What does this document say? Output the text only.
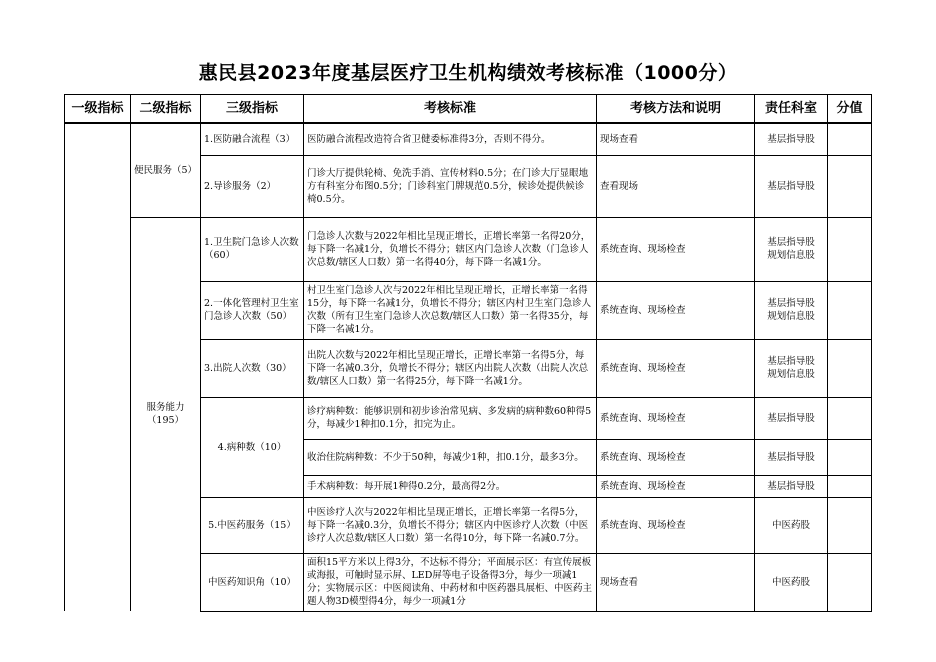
惠民县2023年度基层医疗卫生机构绩效考核标准（1000分）
一级指标	二级指标	三级指标	考核标准	考核方法和说明	责任科室	分值
	便民服务（5）	1.医防融合流程（3）	医防融合流程改造符合省卫健委标准得3分，否则不得分。	现场查看	基层指导股	
		2.导诊服务（2）	门诊大厅提供轮椅、免洗手消、宣传材料0.5分；在门诊大厅显眼地方有科室分布图0.5分；门诊科室门牌规范0.5分，候诊处提供候诊椅0.5分。	查看现场	基层指导股	
	服务能力（195）	1.卫生院门急诊人次数（60）	门急诊人次数与2022年相比呈现正增长，正增长率第一名得20分，每下降一名减1分，负增长不得分；辖区内门急诊人次数（门急诊人次总数/辖区人口数）第一名得40分，每下降一名减1分。	系统查询、现场检查	基层指导股
规划信息股	
		2.一体化管理村卫生室门急诊人次数（50）	村卫生室门急诊人次与2022年相比呈现正增长，正增长率第一名得15分，每下降一名减1分，负增长不得分；辖区内村卫生室门急诊人次数（所有卫生室门急诊人次总数/辖区人口数）第一名得35分，每下降一名减1分。	系统查询、现场检查	基层指导股
规划信息股	
		3.出院人次数（30）	出院人次数与2022年相比呈现正增长，正增长率第一名得5分，每下降一名减0.3分，负增长不得分；辖区内出院人次数（出院人次总数/辖区人口数）第一名得25分，每下降一名减1分。	系统查询、现场检查	基层指导股
规划信息股	
		4.病种数（10）	诊疗病种数：能够识别和初步诊治常见病、多发病的病种数60种得5分，每减少1种扣0.1分，扣完为止。	系统查询、现场检查	基层指导股	
			收治住院病种数：不少于50种，每减少1种，扣0.1分，最多3分。	系统查询、现场检查	基层指导股	
			手术病种数：每开展1种得0.2分，最高得2分。	系统查询、现场检查	基层指导股	
		5.中医药服务（15）	中医诊疗人次与2022年相比呈现正增长，正增长率第一名得5分，每下降一名减0.3分，负增长不得分；辖区内中医诊疗人次数（中医诊疗人次总数/辖区人口数）第一名得10分，每下降一名减0.7分。	系统查询、现场检查	中医药股	
		中医药知识角（10）	面积15平方米以上得3分，不达标不得分；平面展示区：有宣传展板或海报，可触时显示屏、LED屏等电子设备得3分，每少一项减1分；实物展示区：中医阅读角、中药材和中医药器具展柜、中医药主题人物3D模型得4分，每少一项减1分	现场查看	中医药股	
